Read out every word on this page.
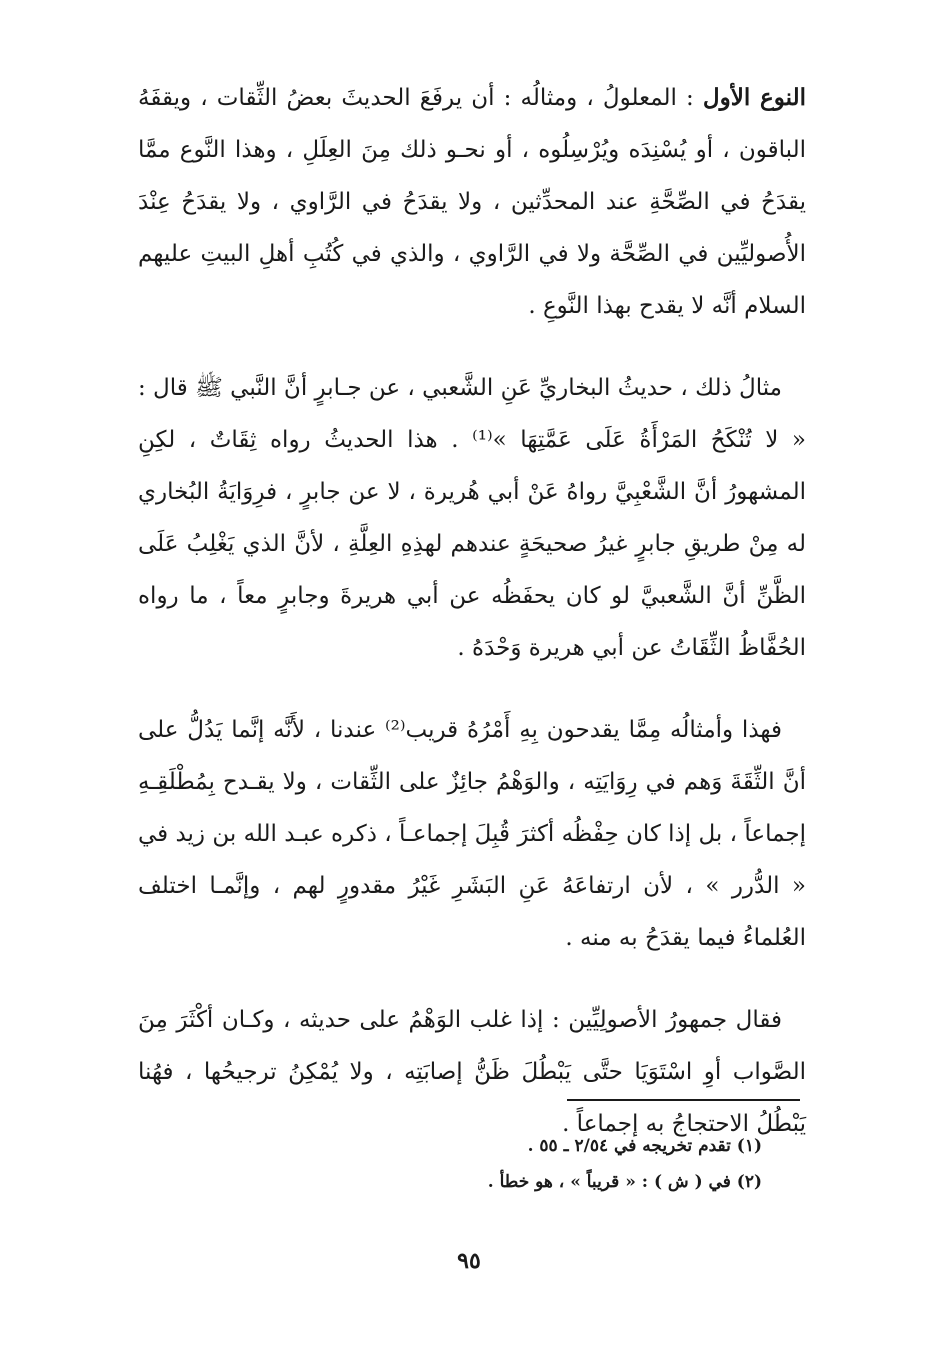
النوع الأول : المعلولُ ، ومثالُه : أن يرفَعَ الحديثَ بعضُ الثِّقات ، ويقفَهُ الباقون ، أو يُسْنِدَه ويُرْسِلُوه ، أو نحـو ذلك مِنَ العِلَلِ ، وهذا النَّوع ممَّا يقدَحُ في الصِّحَّةِ عند المحدِّثين ، ولا يقدَحُ في الرَّاوي ، ولا يقدَحُ عِنْدَ الأُصوليِّين في الصِّحَّة ولا في الرَّاوي ، والذي في كُتُبِ أهلِ البيتِ عليهم السلام أنَّه لا يقدح بهذا النَّوعِ .

مثالُ ذلك ، حديثُ البخاريِّ عَنِ الشَّعبي ، عن جـابرٍ أنَّ النَّبي ﷺ قال : « لا تُنْكَحُ المَرْأَةُ عَلَى عَمَّتِهَا »⁽¹⁾ . هذا الحديثُ رواه ثِقَاتٌ ، لكِنِ المشهورُ أنَّ الشَّعْبِيَّ رواهُ عَنْ أبي هُريرة ، لا عن جابرٍ ، فرِوَايَةُ البُخاري له مِنْ طريقِ جابرٍ غيرُ صحيحَةٍ عندهم لهذِهِ العِلَّةِ ، لأنَّ الذي يَغْلِبُ عَلَى الظَّنِّ أنَّ الشَّعبيَّ لو كان يحفَظُه عن أبي هريرةَ وجابرٍ معاً ، ما رواه الحُفَّاظُ الثِّقَاتُ عن أبي هريرة وَحْدَهُ .

فهذا وأمثالُه مِمَّا يقدحون بِهِ أَمْرُهُ قريب⁽²⁾ عندنا ، لأَنَّه إنَّما يَدُلُّ على أنَّ الثِّقَةَ وَهم في رِوَايَتِه ، والوَهْمُ جائِزٌ على الثِّقات ، ولا يقـدح بِمُطْلَقِـهِ إجماعاً ، بل إذا كان حِفْظُه أكثرَ قُبِلَ إجماعـاً ، ذكره عبـد الله بن زيد في « الدُّرر » ، لأن ارتفاعَهُ عَنِ البَشَرِ غَيْرُ مقدورٍ لهم ، وإنَّمـا اختلف العُلماءُ فيما يقدَحُ به منه .

فقال جمهورُ الأصولِيِّين : إذا غلب الوَهْمُ على حديثه ، وكـان أكْثَرَ مِنَ الصَّواب أوِ اسْتَوَيَا حتَّى يَبْطُلَ ظَنُّ إصابَتِه ، ولا يُمْكِنُ ترجيحُها ، فهُنا يَبْطُلُ الاحتجاجُ به إجماعاً .

(١) تقدم تخريجه في ٢/٥٤ ـ ٥٥ .

(٢) في ( ش ) : « قريباً » ، هو خطأ .

٩٥
